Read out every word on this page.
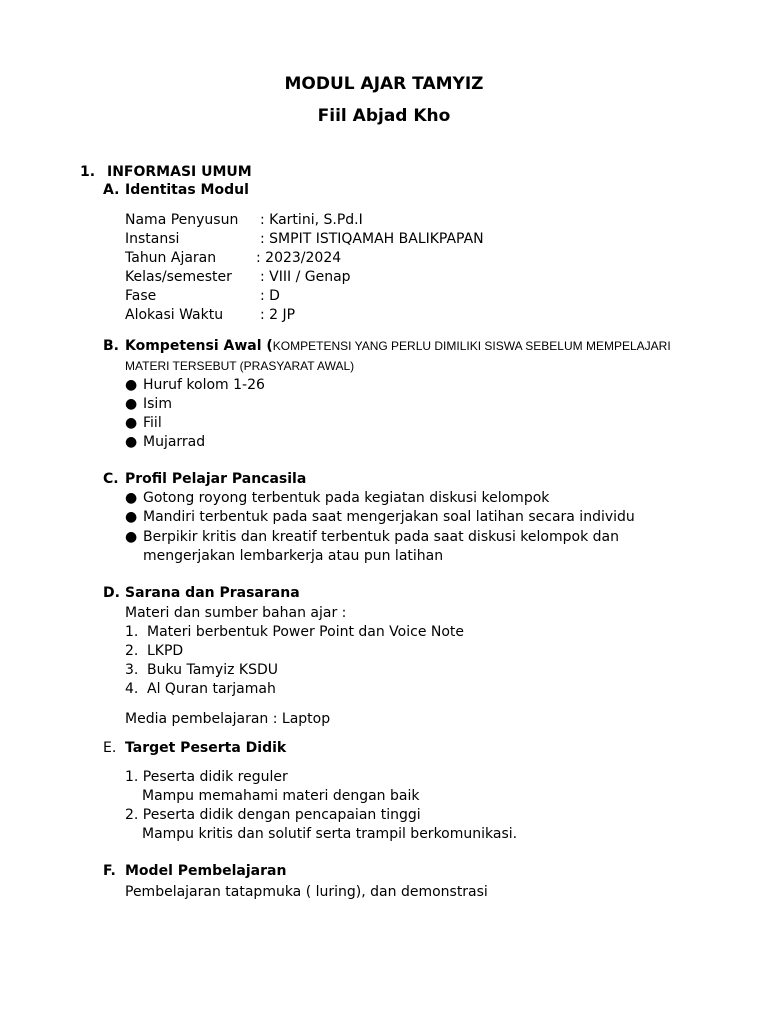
MODUL AJAR TAMYIZ
Fiil Abjad Kho
1. INFORMASI UMUM
A. Identitas Modul
Nama Penyusun : Kartini, S.Pd.I
Instansi	: SMPIT ISTIQAMAH BALIKPAPAN
Tahun Ajaran	: 2023/2024
Kelas/semester : VIII / Genap
Fase	: D
Alokasi Waktu	: 2 JP
B. Kompetensi Awal (KOMPETENSI YANG PERLU DIMILIKI SISWA SEBELUM MEMPELAJARI
MATERI TERSEBUT (PRASYARAT AWAL)
● Huruf kolom 1-26
● Isim
● Fiil
● Mujarrad
C. Profil Pelajar Pancasila
● Gotong royong terbentuk pada kegiatan diskusi kelompok
● Mandiri terbentuk pada saat mengerjakan soal latihan secara individu
● Berpikir kritis dan kreatif terbentuk pada saat diskusi kelompok dan
mengerjakan lembarkerja atau pun latihan
D. Sarana dan Prasarana
Materi dan sumber bahan ajar :
1. Materi berbentuk Power Point dan Voice Note
2. LKPD
3. Buku Tamyiz KSDU
4. Al Quran tarjamah
Media pembelajaran : Laptop
E. Target Peserta Didik
1. Peserta didik reguler
Mampu memahami materi dengan baik
2. Peserta didik dengan pencapaian tinggi
Mampu kritis dan solutif serta trampil berkomunikasi.
F. Model Pembelajaran
Pembelajaran tatapmuka ( luring), dan demonstrasi
